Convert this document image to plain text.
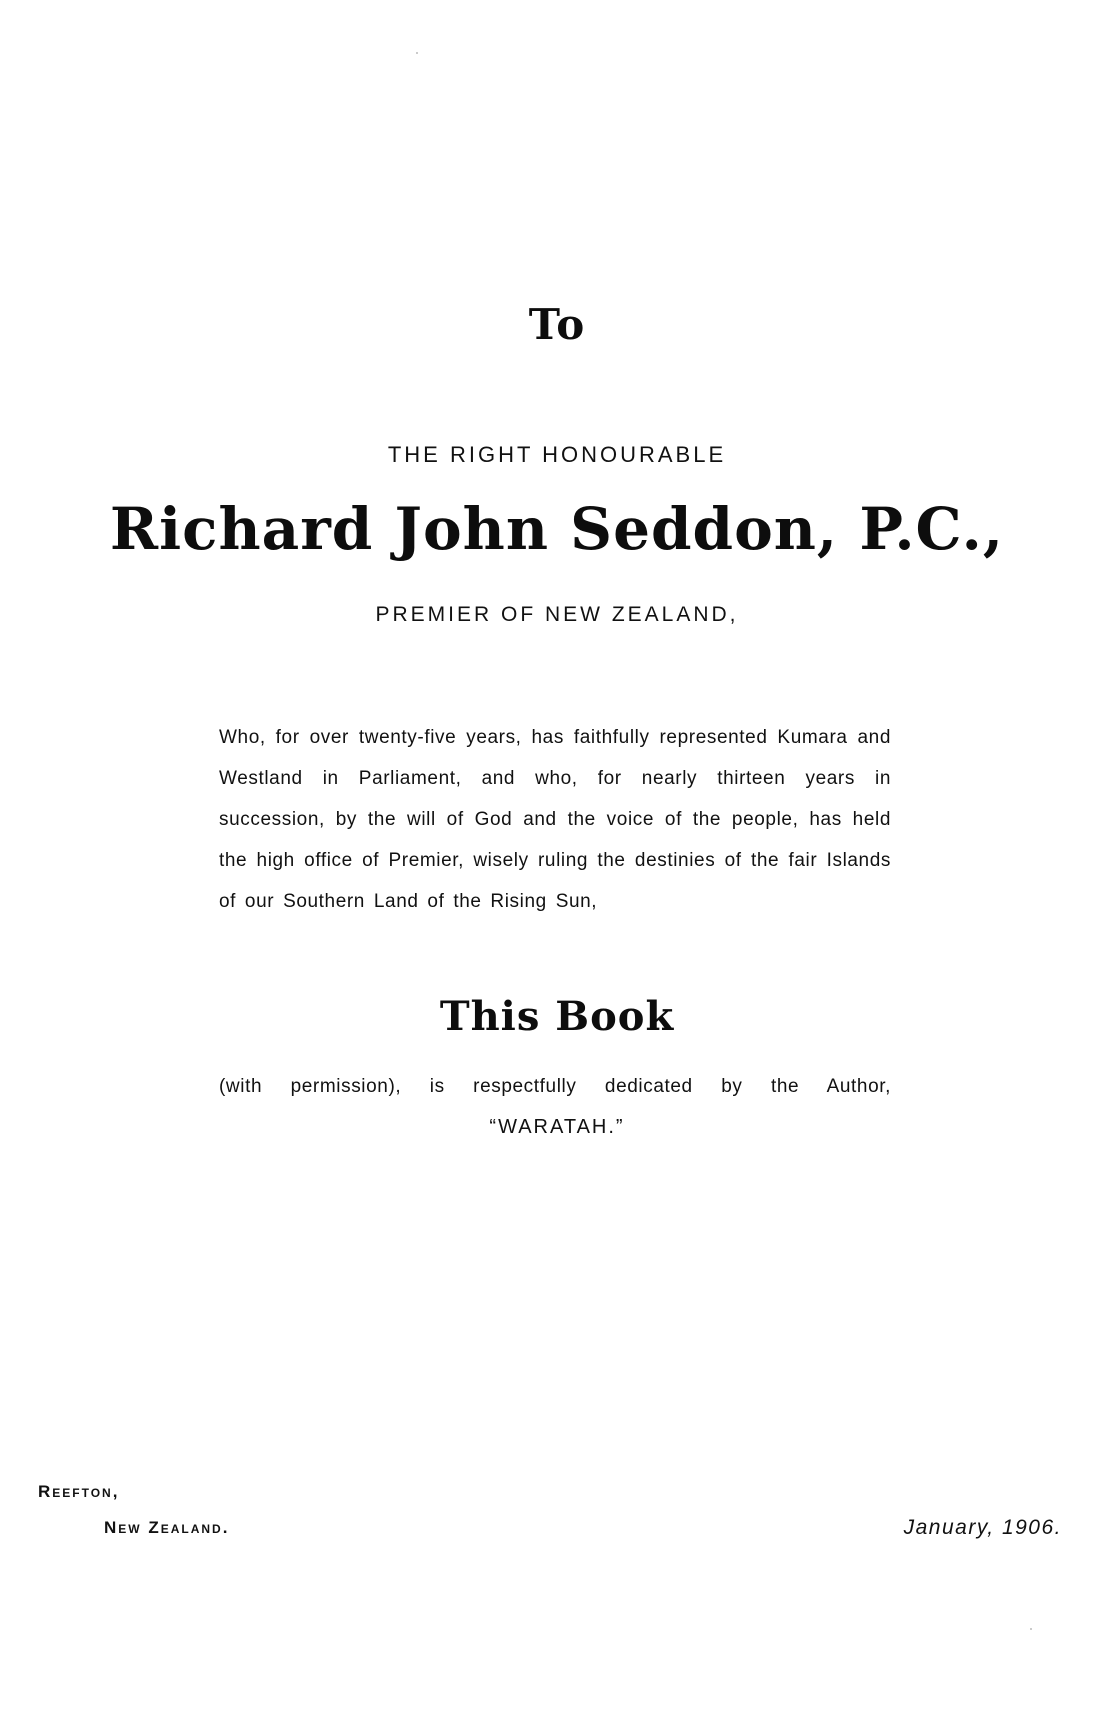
To

THE RIGHT HONOURABLE

Richard John Seddon, P.C.,

PREMIER OF NEW ZEALAND,

Who, for over twenty-five years, has faithfully represented Kumara and Westland in Parliament, and who, for nearly thirteen years in succession, by the will of God and the voice of the people, has held the high office of Premier, wisely ruling the destinies of the fair Islands of our Southern Land of the Rising Sun,

This Book

(with permission), is respectfully dedicated by the Author,

“WARATAH.”

Reefton,

New Zealand.	January, 1906.
